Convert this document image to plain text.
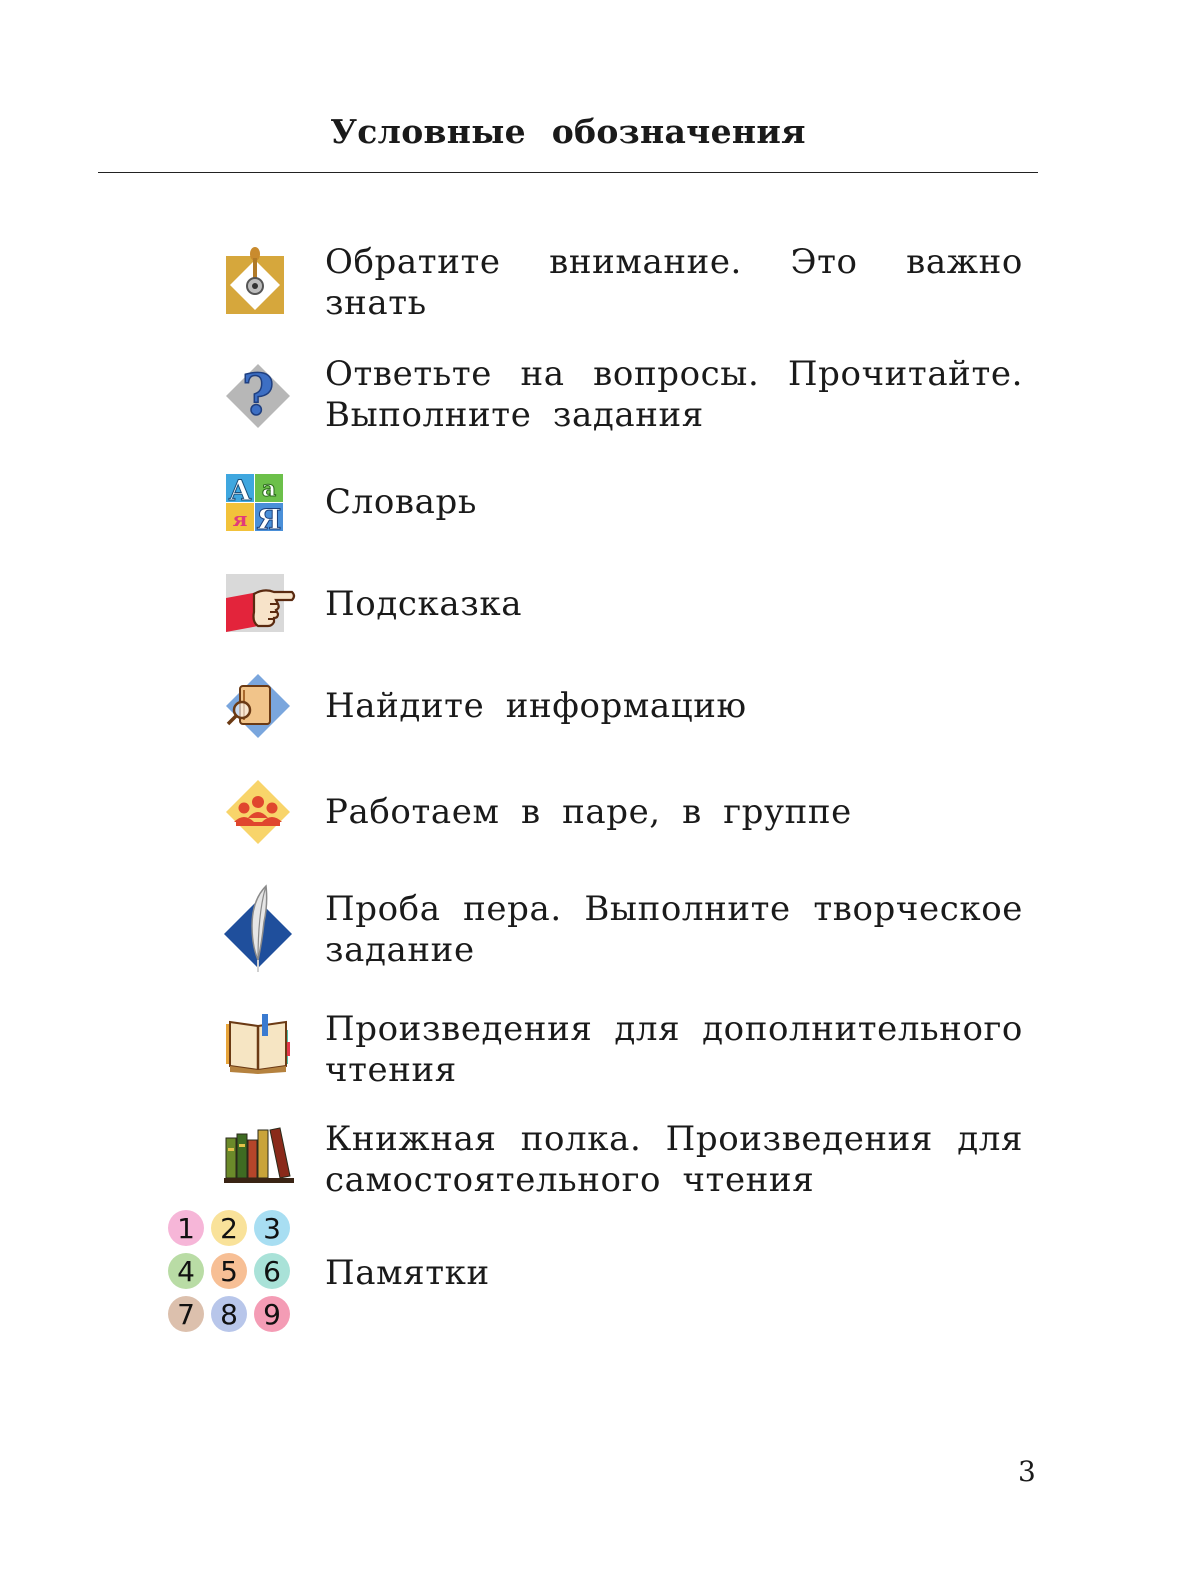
Условные обозначения
Обратите внимание. Это важно знать
? Ответьте на вопросы. Прочитайте. Выполните задания
А а
я Я Словарь
Подсказка
Найдите информацию
Работаем в паре, в группе
Проба пера. Выполните творческое задание
Произведения для дополнительного чтения
Книжная полка. Произведения для самостоятельного чтения
1 2 3
4 5 6
7 8 9
Памятки
3
